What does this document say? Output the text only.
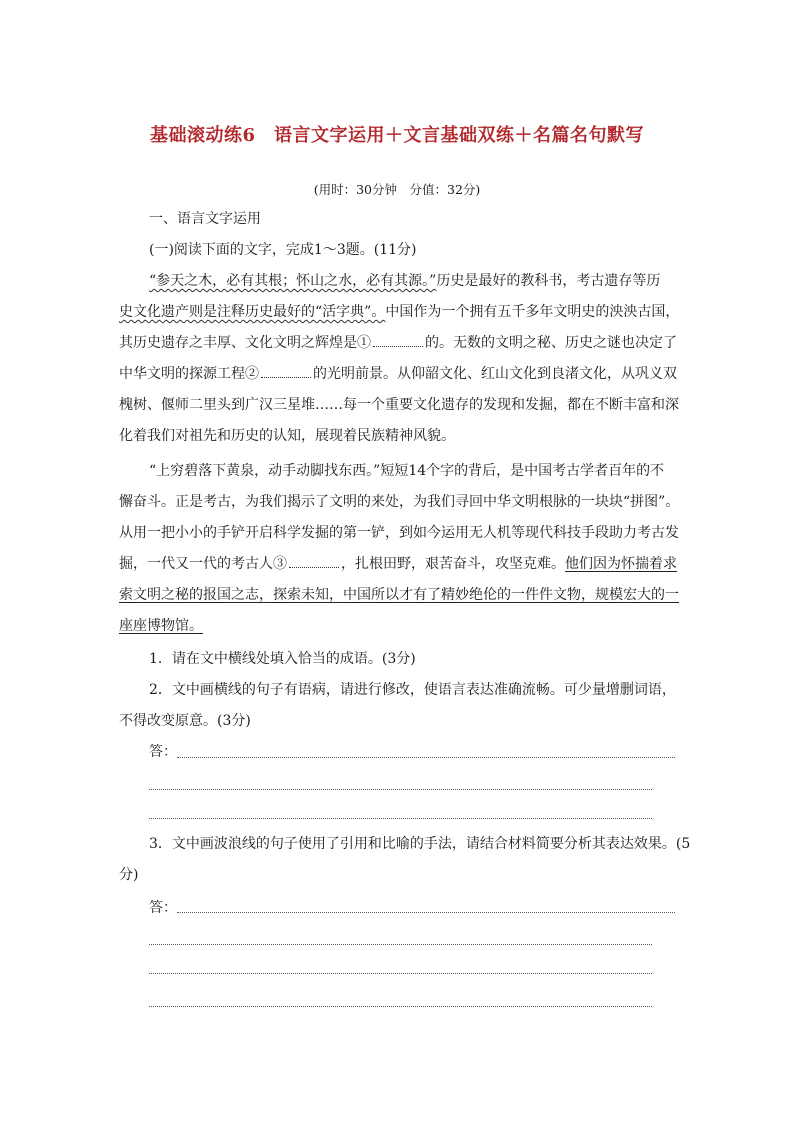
基础滚动练6　语言文字运用＋文言基础双练＋名篇名句默写
(用时：30分钟　分值：32分)
一、语言文字运用
(一)阅读下面的文字，完成1～3题。(11分)
“参天之木，必有其根；怀山之水，必有其源。”历史是最好的教科书，考古遗存等历
史文化遗产则是注释历史最好的“活字典”。中国作为一个拥有五千多年文明史的泱泱古国，
其历史遗存之丰厚、文化文明之辉煌是①	的。无数的文明之秘、历史之谜也决定了
中华文明的探源工程②	的光明前景。从仰韶文化、红山文化到良渚文化，从巩义双
槐树、偃师二里头到广汉三星堆……每一个重要文化遗存的发现和发掘，都在不断丰富和深
化着我们对祖先和历史的认知，展现着民族精神风貌。
“上穷碧落下黄泉，动手动脚找东西。”短短14个字的背后，是中国考古学者百年的不
懈奋斗。正是考古，为我们揭示了文明的来处，为我们寻回中华文明根脉的一块块“拼图”。
从用一把小小的手铲开启科学发掘的第一铲，到如今运用无人机等现代科技手段助力考古发
掘，一代又一代的考古人③	，扎根田野，艰苦奋斗，攻坚克难。他们因为怀揣着求
索文明之秘的报国之志，探索未知，中国所以才有了精妙绝伦的一件件文物，规模宏大的一
座座博物馆。
1．请在文中横线处填入恰当的成语。(3分)
2．文中画横线的句子有语病，请进行修改，使语言表达准确流畅。可少量增删词语，
不得改变原意。(3分)
答：
3．文中画波浪线的句子使用了引用和比喻的手法，请结合材料简要分析其表达效果。(5
分)
答：
